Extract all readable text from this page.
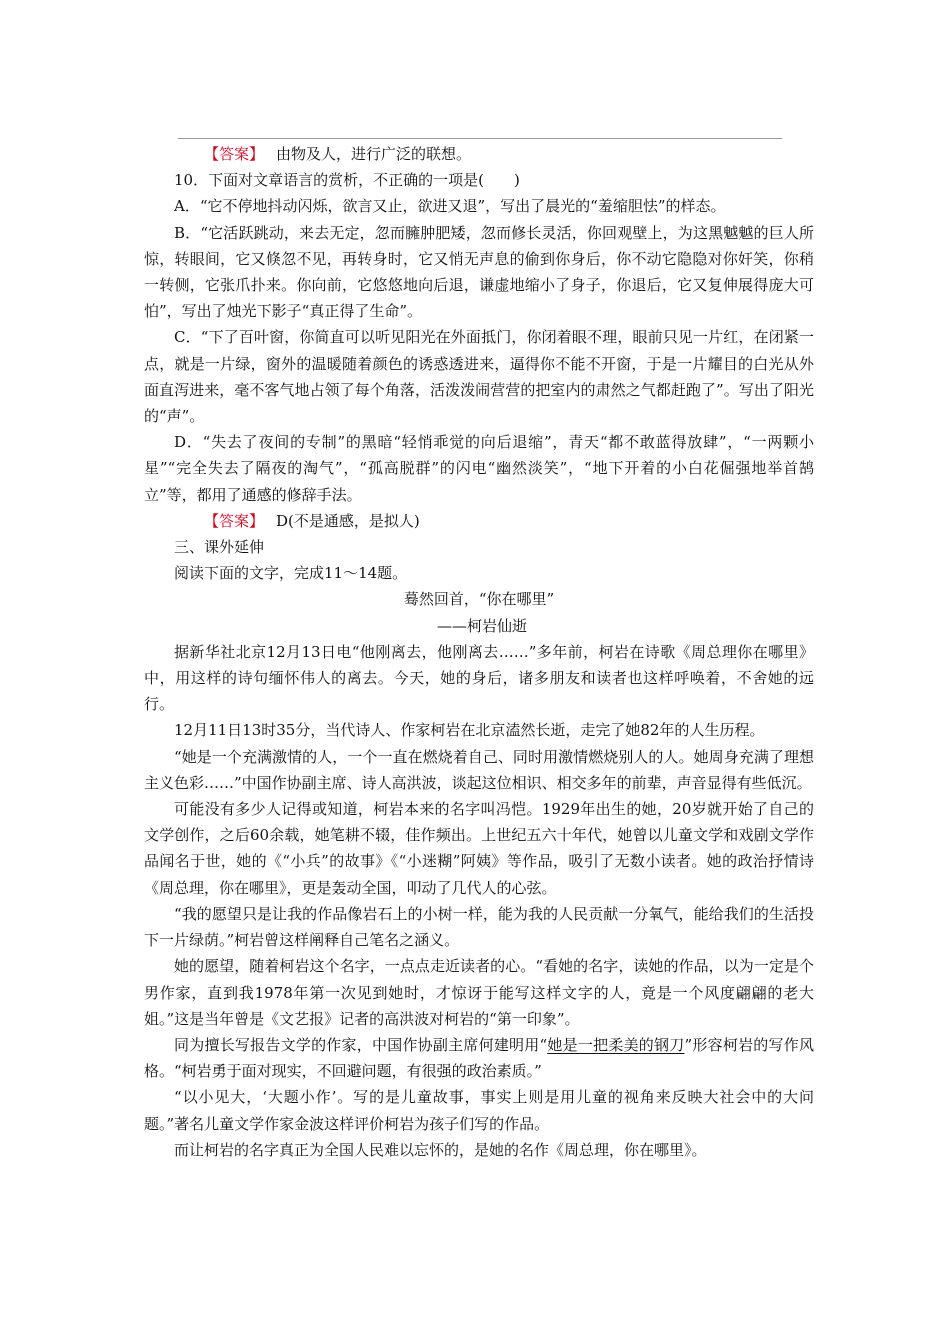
【答案】 由物及人，进行广泛的联想。

10．下面对文章语言的赏析，不正确的一项是(　　)

A．“它不停地抖动闪烁，欲言又止，欲进又退”，写出了晨光的“羞缩胆怯”的样态。

B．“它活跃跳动，来去无定，忽而臃肿肥矮，忽而修长灵活，你回观壁上，为这黑魆魆的巨人所惊，转眼间，它又倏忽不见，再转身时，它又悄无声息的偷到你身后，你不动它隐隐对你奸笑，你稍一转侧，它张爪扑来。你向前，它悠悠地向后退，谦虚地缩小了身子，你退后，它又复伸展得庞大可怕”，写出了烛光下影子“真正得了生命”。

C．“下了百叶窗，你简直可以听见阳光在外面抵门，你闭着眼不理，眼前只见一片红，在闭紧一点，就是一片绿，窗外的温暖随着颜色的诱惑透进来，逼得你不能不开窗，于是一片耀目的白光从外面直泻进来，毫不客气地占领了每个角落，活泼泼闹营营的把室内的肃然之气都赶跑了”。写出了阳光的“声”。

D．“失去了夜间的专制”的黑暗“轻悄乖觉的向后退缩”，青天“都不敢蓝得放肆”，“一两颗小星”“完全失去了隔夜的淘气”，“孤高脱群”的闪电“幽然淡笑”，“地下开着的小白花倔强地举首鹄立”等，都用了通感的修辞手法。

【答案】 D(不是通感，是拟人)

三、课外延伸

阅读下面的文字，完成11～14题。

蓦然回首，“你在哪里”

——柯岩仙逝

据新华社北京12月13日电“他刚离去，他刚离去……”多年前，柯岩在诗歌《周总理你在哪里》中，用这样的诗句缅怀伟人的离去。今天，她的身后，诸多朋友和读者也这样呼唤着，不舍她的远行。

12月11日13时35分，当代诗人、作家柯岩在北京溘然长逝，走完了她82年的人生历程。

“她是一个充满激情的人，一个一直在燃烧着自己、同时用激情燃烧别人的人。她周身充满了理想主义色彩……”中国作协副主席、诗人高洪波，谈起这位相识、相交多年的前辈，声音显得有些低沉。

可能没有多少人记得或知道，柯岩本来的名字叫冯恺。1929年出生的她，20岁就开始了自己的文学创作，之后60余载，她笔耕不辍，佳作频出。上世纪五六十年代，她曾以儿童文学和戏剧文学作品闻名于世，她的《“小兵”的故事》《“小迷糊”阿姨》等作品，吸引了无数小读者。她的政治抒情诗《周总理，你在哪里》，更是轰动全国，叩动了几代人的心弦。

“我的愿望只是让我的作品像岩石上的小树一样，能为我的人民贡献一分氧气，能给我们的生活投下一片绿荫。”柯岩曾这样阐释自己笔名之涵义。

她的愿望，随着柯岩这个名字，一点点走近读者的心。“看她的名字，读她的作品，以为一定是个男作家，直到我1978年第一次见到她时，才惊讶于能写这样文字的人，竟是一个风度翩翩的老大姐。”这是当年曾是《文艺报》记者的高洪波对柯岩的“第一印象”。

同为擅长写报告文学的作家，中国作协副主席何建明用“她是一把柔美的钢刀”形容柯岩的写作风格。“柯岩勇于面对现实，不回避问题，有很强的政治素质。”

“以小见大，‘大题小作’。写的是儿童故事，事实上则是用儿童的视角来反映大社会中的大问题。”著名儿童文学作家金波这样评价柯岩为孩子们写的作品。

而让柯岩的名字真正为全国人民难以忘怀的，是她的名作《周总理，你在哪里》。
